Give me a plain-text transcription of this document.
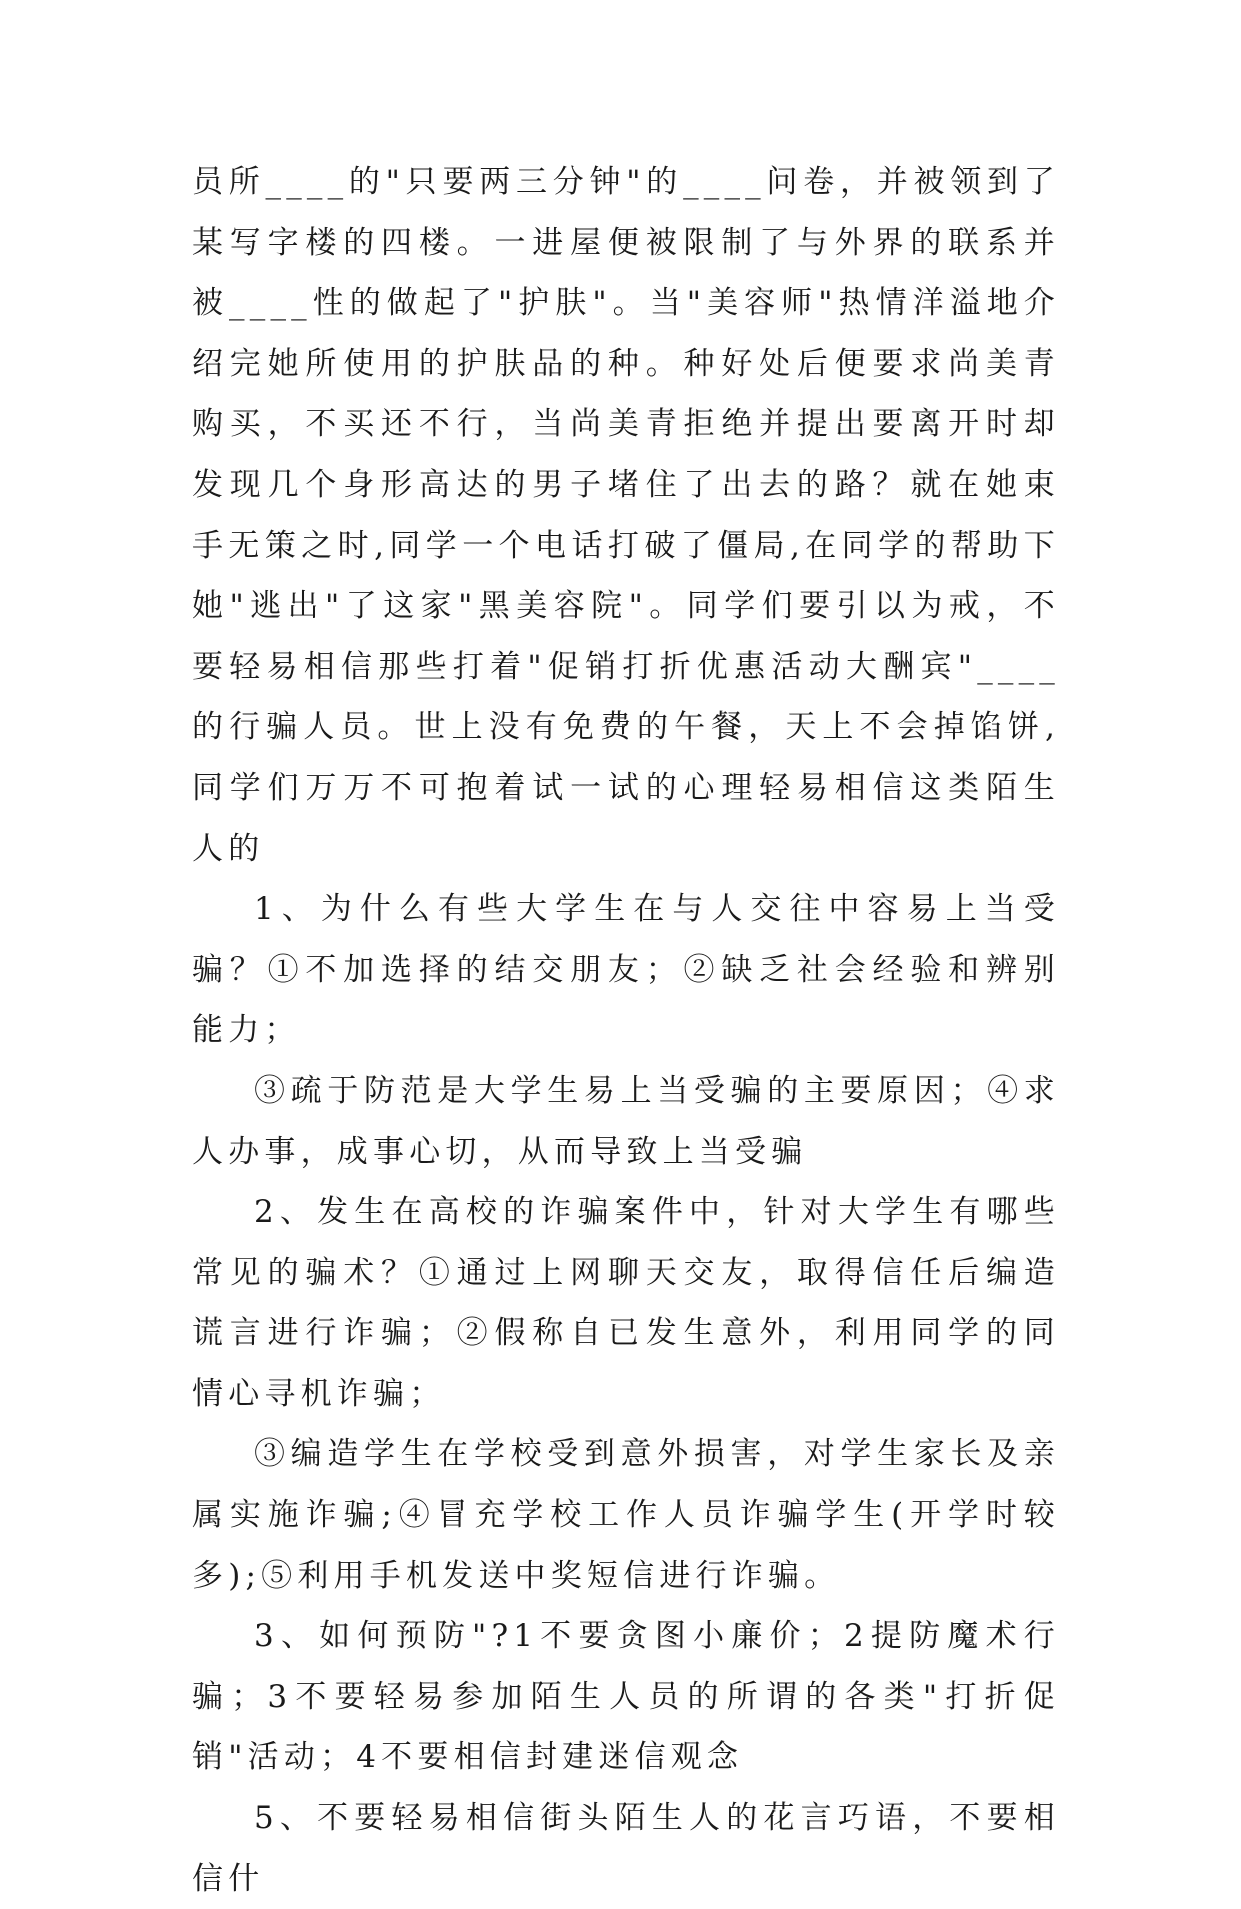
员所____的"只要两三分钟"的____问卷，并被领到了某写字楼的四楼。一进屋便被限制了与外界的联系并被____性的做起了"护肤"。当"美容师"热情洋溢地介绍完她所使用的护肤品的种。种好处后便要求尚美青购买，不买还不行，当尚美青拒绝并提出要离开时却发现几个身形高达的男子堵住了出去的路？就在她束手无策之时,同学一个电话打破了僵局,在同学的帮助下她"逃出"了这家"黑美容院"。同学们要引以为戒，不要轻易相信那些打着"促销打折优惠活动大酬宾"____的行骗人员。世上没有免费的午餐，天上不会掉馅饼,同学们万万不可抱着试一试的心理轻易相信这类陌生人的

1、为什么有些大学生在与人交往中容易上当受骗？①不加选择的结交朋友；②缺乏社会经验和辨别能力；

③疏于防范是大学生易上当受骗的主要原因；④求人办事，成事心切，从而导致上当受骗

2、发生在高校的诈骗案件中，针对大学生有哪些常见的骗术？①通过上网聊天交友，取得信任后编造谎言进行诈骗；②假称自已发生意外，利用同学的同情心寻机诈骗；

③编造学生在学校受到意外损害，对学生家长及亲属实施诈骗;④冒充学校工作人员诈骗学生(开学时较多);⑤利用手机发送中奖短信进行诈骗。

3、如何预防"?1不要贪图小廉价；2提防魔术行骗；3不要轻易参加陌生人员的所谓的各类"打折促销"活动；4不要相信封建迷信观念

5、不要轻易相信街头陌生人的花言巧语，不要相信什
